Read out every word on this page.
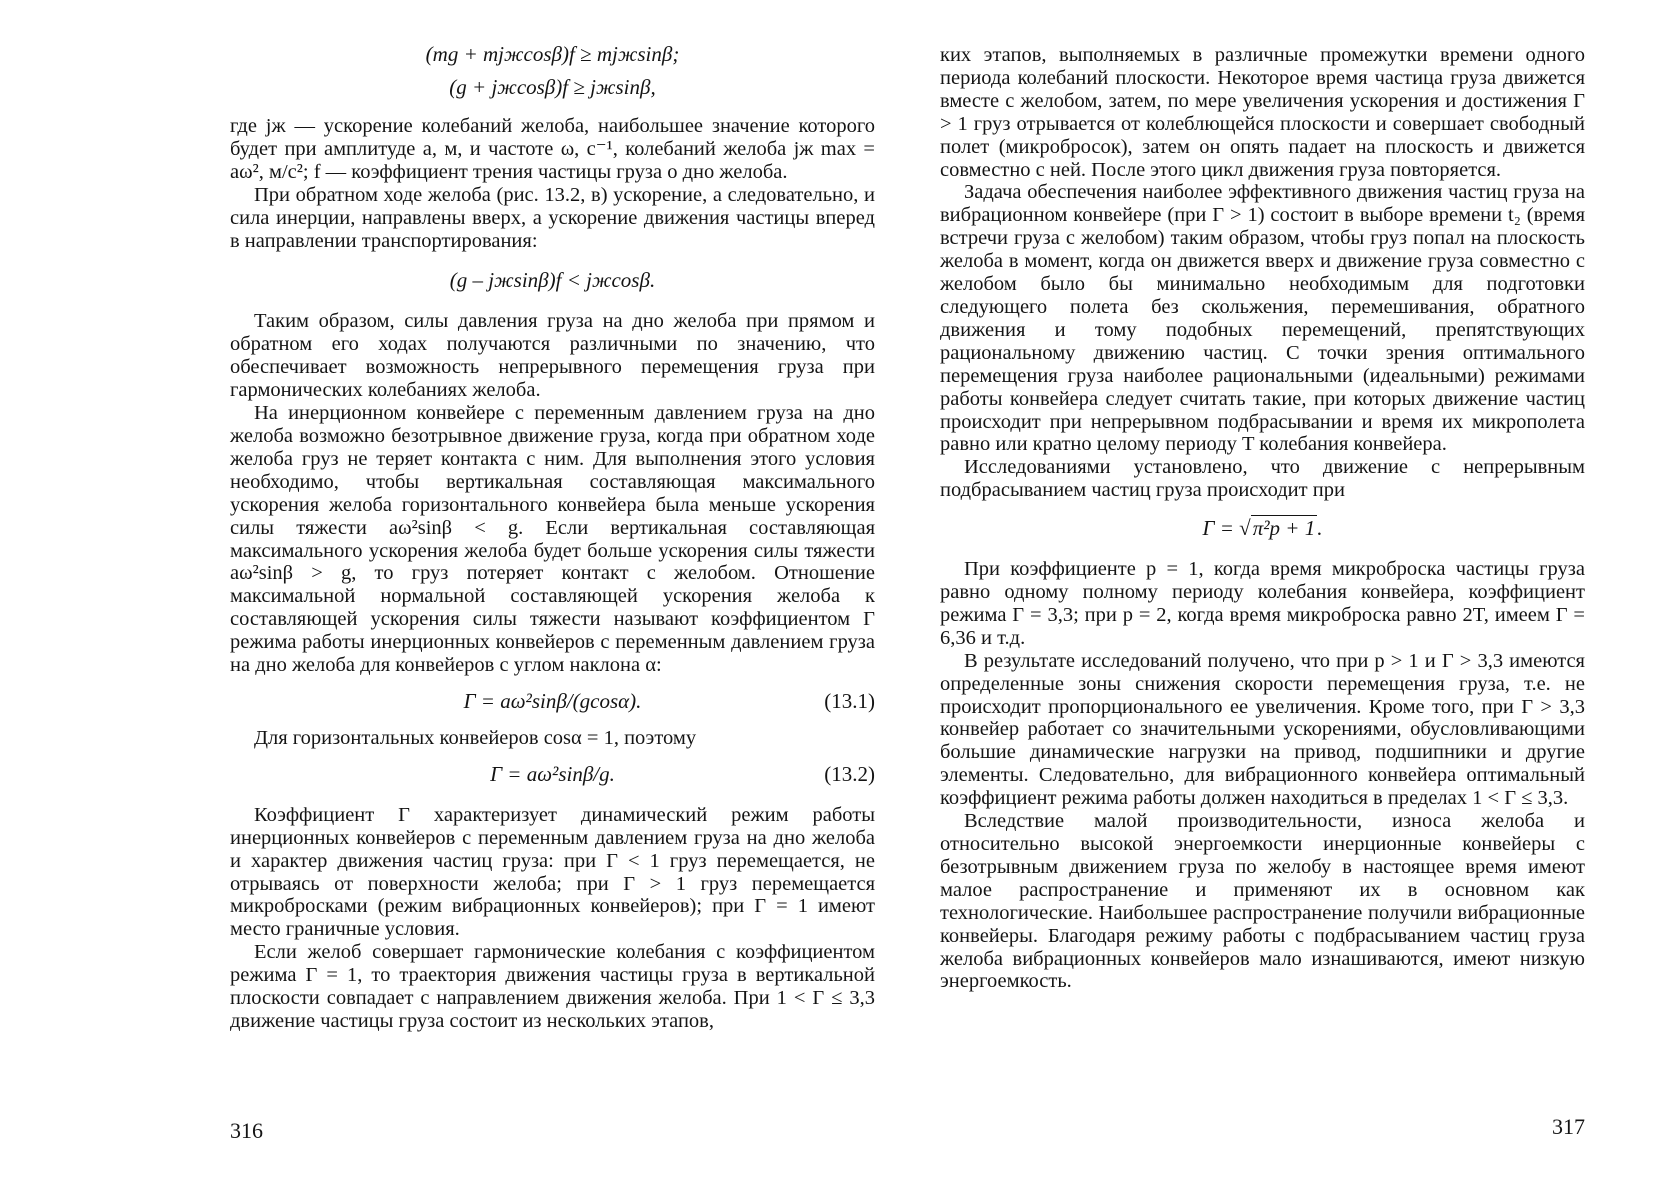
(mg + mjжcosβ)f ≥ mjжsinβ;
(g + jжcosβ)f ≥ jжsinβ,

где jж — ускорение колебаний желоба, наибольшее значение которого будет при амплитуде a, м, и частоте ω, с⁻¹, колебаний желоба jж max = aω², м/с²; f — коэффициент трения частицы груза о дно желоба.

При обратном ходе желоба (рис. 13.2, в) ускорение, а следовательно, и сила инерции, направлены вверх, а ускорение движения частицы вперед в направлении транспортирования:

(g – jжsinβ)f < jжcosβ.

Таким образом, силы давления груза на дно желоба при прямом и обратном его ходах получаются различными по значению, что обеспечивает возможность непрерывного перемещения груза при гармонических колебаниях желоба.

На инерционном конвейере с переменным давлением груза на дно желоба возможно безотрывное движение груза, когда при обратном ходе желоба груз не теряет контакта с ним. Для выполнения этого условия необходимо, чтобы вертикальная составляющая максимального ускорения желоба горизонтального конвейера была меньше ускорения силы тяжести aω²sinβ < g. Если вертикальная составляющая максимального ускорения желоба будет больше ускорения силы тяжести aω²sinβ > g, то груз потеряет контакт с желобом. Отношение максимальной нормальной составляющей ускорения желоба к составляющей ускорения силы тяжести называют коэффициентом Г режима работы инерционных конвейеров с переменным давлением груза на дно желоба для конвейеров с углом наклона α:

Г = aω²sinβ/(gcosα).	(13.1)

Для горизонтальных конвейеров cosα = 1, поэтому

Г = aω²sinβ/g.	(13.2)

Коэффициент Г характеризует динамический режим работы инерционных конвейеров с переменным давлением груза на дно желоба и характер движения частиц груза: при Г < 1 груз перемещается, не отрываясь от поверхности желоба; при Г > 1 груз перемещается микробросками (режим вибрационных конвейеров); при Г = 1 имеют место граничные условия.

Если желоб совершает гармонические колебания с коэффициентом режима Г = 1, то траектория движения частицы груза в вертикальной плоскости совпадает с направлением движения желоба. При 1 < Г ≤ 3,3 движение частицы груза состоит из нескольких этапов,

316

ких этапов, выполняемых в различные промежутки времени одного периода колебаний плоскости. Некоторое время частица груза движется вместе с желобом, затем, по мере увеличения ускорения и достижения Г > 1 груз отрывается от колеблющейся плоскости и совершает свободный полет (микробросок), затем он опять падает на плоскость и движется совместно с ней. После этого цикл движения груза повторяется.

Задача обеспечения наиболее эффективного движения частиц груза на вибрационном конвейере (при Г > 1) состоит в выборе времени t₂ (время встречи груза с желобом) таким образом, чтобы груз попал на плоскость желоба в момент, когда он движется вверх и движение груза совместно с желобом было бы минимально необходимым для подготовки следующего полета без скольжения, перемешивания, обратного движения и тому подобных перемещений, препятствующих рациональному движению частиц. С точки зрения оптимального перемещения груза наиболее рациональными (идеальными) режимами работы конвейера следует считать такие, при которых движение частиц происходит при непрерывном подбрасывании и время их микрополета равно или кратно целому периоду T колебания конвейера.

Исследованиями установлено, что движение с непрерывным подбрасыванием частиц груза происходит при

Г = √π²p + 1.

При коэффициенте p = 1, когда время микроброска частицы груза равно одному полному периоду колебания конвейера, коэффициент режима Г = 3,3; при p = 2, когда время микроброска равно 2T, имеем Г = 6,36 и т.д.

В результате исследований получено, что при p > 1 и Г > 3,3 имеются определенные зоны снижения скорости перемещения груза, т.е. не происходит пропорционального ее увеличения. Кроме того, при Г > 3,3 конвейер работает со значительными ускорениями, обусловливающими большие динамические нагрузки на привод, подшипники и другие элементы. Следовательно, для вибрационного конвейера оптимальный коэффициент режима работы должен находиться в пределах 1 < Г ≤ 3,3.

Вследствие малой производительности, износа желоба и относительно высокой энергоемкости инерционные конвейеры с безотрывным движением груза по желобу в настоящее время имеют малое распространение и применяют их в основном как технологические. Наибольшее распространение получили вибрационные конвейеры. Благодаря режиму работы с подбрасыванием частиц груза желоба вибрационных конвейеров мало изнашиваются, имеют низкую энергоемкость.

317
